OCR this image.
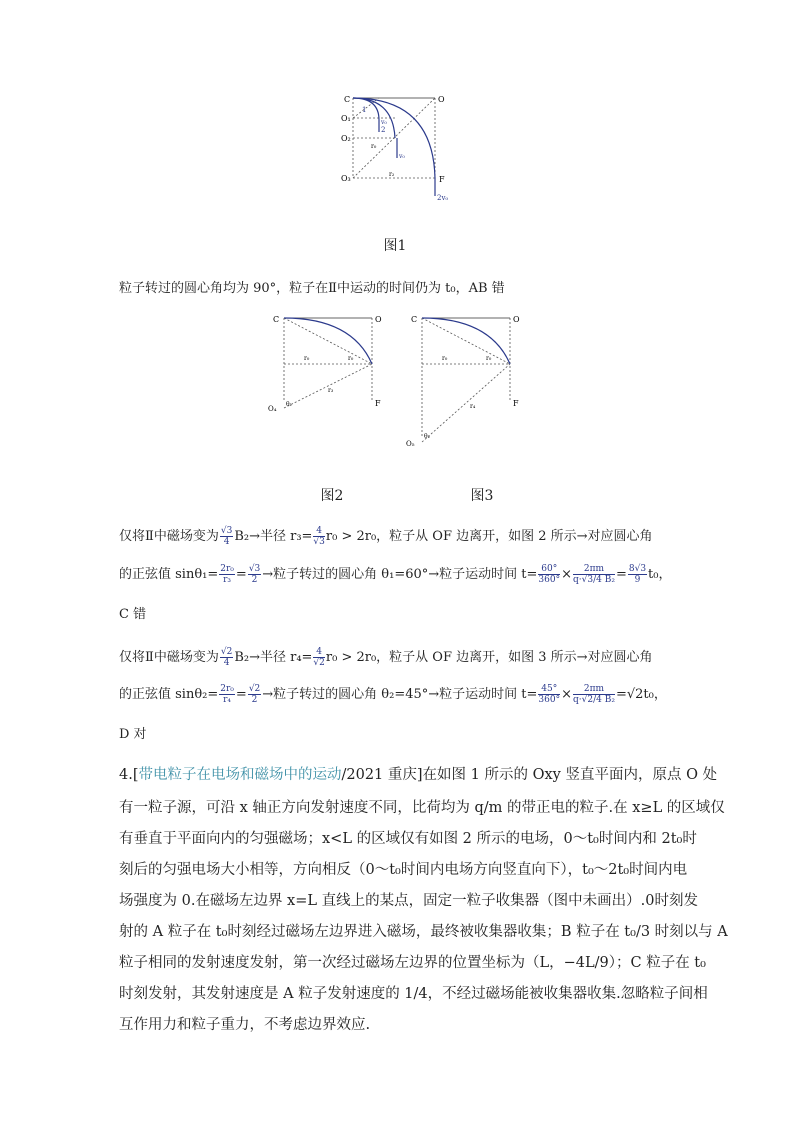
C	O
O₁
O₂
O₃	F
1
2
v₀
v₀
r₀
r₂
2v₀
图1
粒子转过的圆心角均为 90°，粒子在Ⅱ中运动的时间仍为 t₀，AB 错
C	O
F
O₄
θ₁
r₀	r₀
r₃
C	O
F
O₅
θ₂
r₀	r₀
r₄
图2	图3
仅将Ⅱ中磁场变为 $\frac{√3}{4} B_2\to$半径 $r_3= \frac{4}{√3} r_0 > 2r_0$，粒子从 OF 边离开，如图 2 所示→对应圆心角
的正弦值 $\sin\theta_1= \frac{\text{2r₀}}{\text{r₃}} = \frac{√3}{2}$ →粒子转过的圆心角 θ₁=60°→粒子运动时间 $t= \frac{60^\circ}{360^\circ} \times \frac{2\pi m}{\text{q·√3/4 B₂}} = \frac{8√3}{9} t_0$，
C 错
仅将Ⅱ中磁场变为 $\frac{√2}{4} B_2\to$半径 $r_4= \frac{4}{√2} r_0 > 2r_0$，粒子从 OF 边离开，如图 3 所示→对应圆心角
的正弦值 $\sin\theta_2= \frac{\text{2r₀}}{\text{r₄}} = \frac{√2}{2}$ →粒子转过的圆心角 θ₂=45°→粒子运动时间 $t= \frac{45^\circ}{360^\circ} \times \frac{2\pi m}{\text{q·√2/4 B₂}} =√2t_0$，
D 对
4.[带电粒子在电场和磁场中的运动/2021 重庆]在如图 1 所示的 Oxy 竖直平面内，原点 O 处
有一粒子源，可沿 x 轴正方向发射速度不同，比荷均为 q/m 的带正电的粒子.在 x≥L 的区域仅
有垂直于平面向内的匀强磁场；x<L 的区域仅有如图 2 所示的电场，0～t₀时间内和 2t₀时
刻后的匀强电场大小相等，方向相反（0～t₀时间内电场方向竖直向下），t₀～2t₀时间内电
场强度为 0.在磁场左边界 x=L 直线上的某点，固定一粒子收集器（图中未画出）.0时刻发
射的 A 粒子在 t₀时刻经过磁场左边界进入磁场，最终被收集器收集；B 粒子在 t₀/3 时刻以与 A
粒子相同的发射速度发射，第一次经过磁场左边界的位置坐标为（L，−4L/9）；C 粒子在 t₀
时刻发射，其发射速度是 A 粒子发射速度的 1/4，不经过磁场能被收集器收集.忽略粒子间相
互作用力和粒子重力，不考虑边界效应.
